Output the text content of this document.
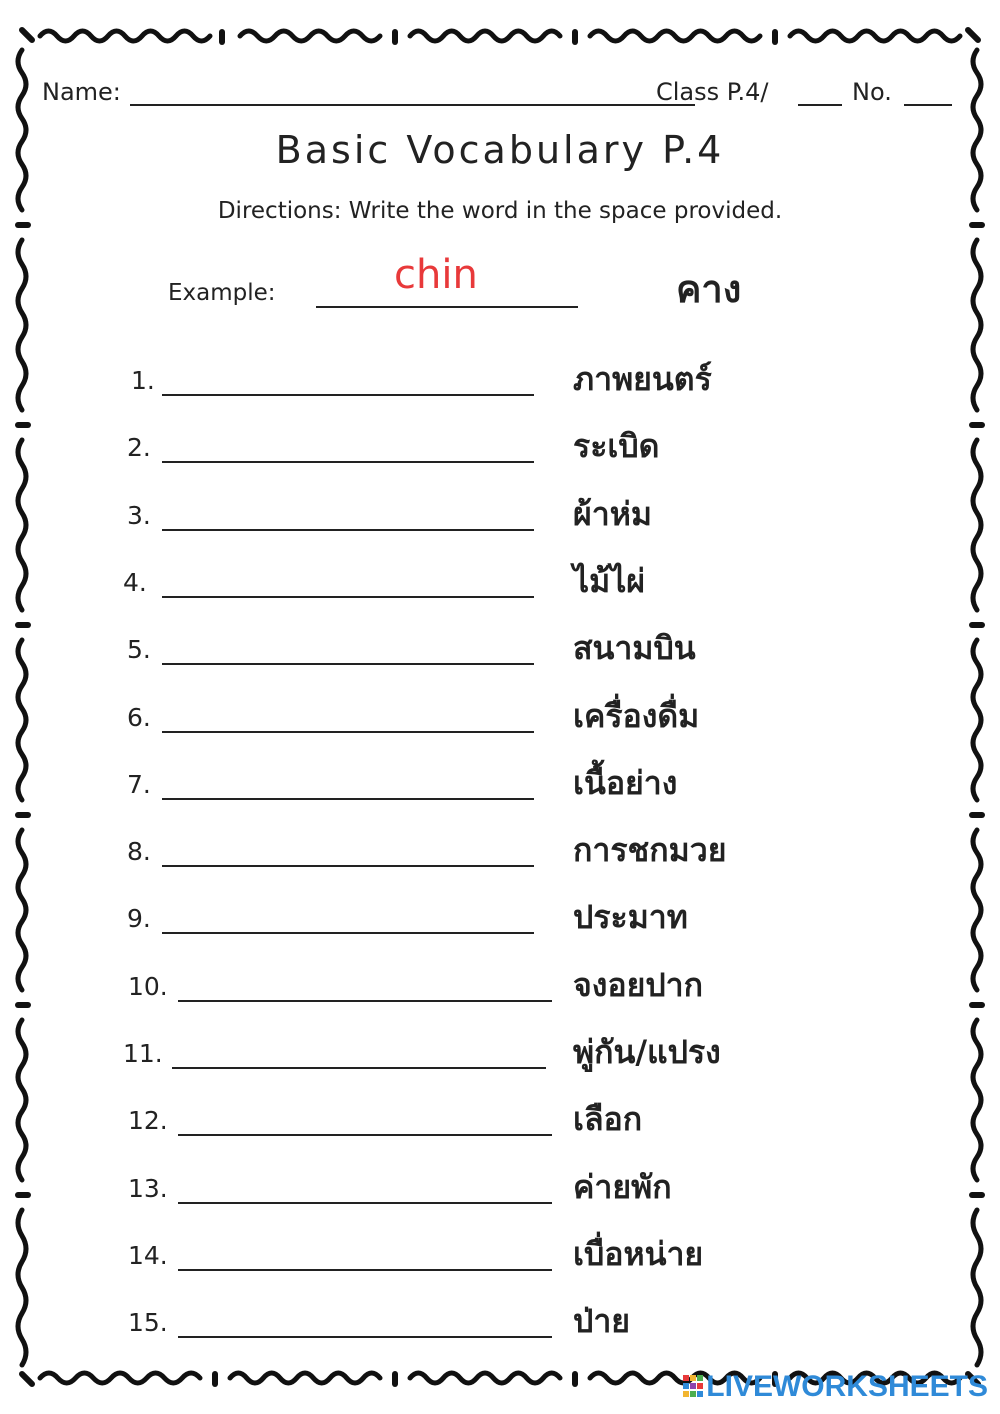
Name:	Class P.4/	No.
Basic Vocabulary P.4
Directions: Write the word in the space provided.
Example:	chin	คาง
1.	ภาพยนตร์
2.	ระเบิด
3.	ผ้าห่ม
4.	ไม้ไผ่
5.	สนามบิน
6.	เครื่องดื่ม
7.	เนื้อย่าง
8.	การชกมวย
9.	ประมาท
10.	จงอยปาก
11.	พู่กัน/แปรง
12.	เลือก
13.	ค่ายพัก
14.	เบื่อหน่าย
15.	ป่าย
LIVEWORKSHEETS
